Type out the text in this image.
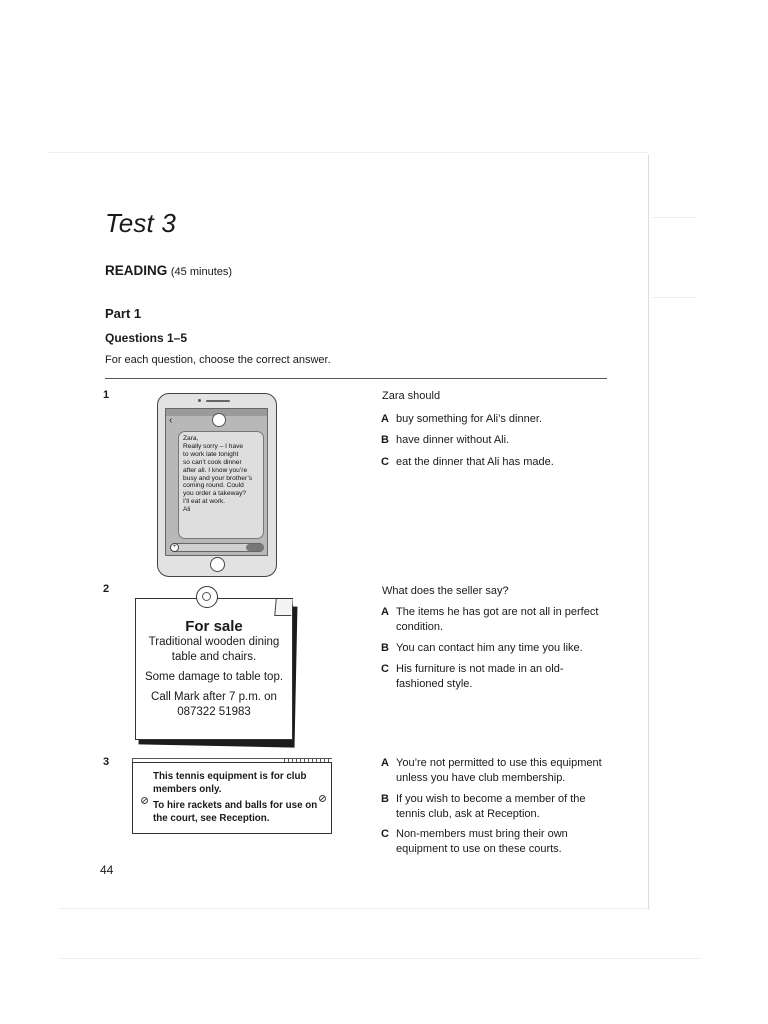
Test 3
READING (45 minutes)
Part 1
Questions 1–5
For each question, choose the correct answer.
1
‹
Zara,
Really sorry – I have
to work late tonight
so can’t cook dinner
after all. I know you’re
busy and your brother’s
coming round. Could
you order a takeway?
I’ll eat at work.
Ali
+
Zara should
A buy something for Ali’s dinner.
B have dinner without Ali.
C eat the dinner that Ali has made.
2
For sale
Traditional wooden dining
table and chairs.
Some damage to table top.
Call Mark after 7 p.m. on
087322 51983
What does the seller say?
A The items he has got are not all in perfect condition.
B You can contact him any time you like.
C His furniture is not made in an old-fashioned style.
3
This tennis equipment is for club members only.
To hire rackets and balls for use on the court, see Reception.
A You’re not permitted to use this equipment unless you have club membership.
B If you wish to become a member of the tennis club, ask at Reception.
C Non-members must bring their own equipment to use on these courts.
44
